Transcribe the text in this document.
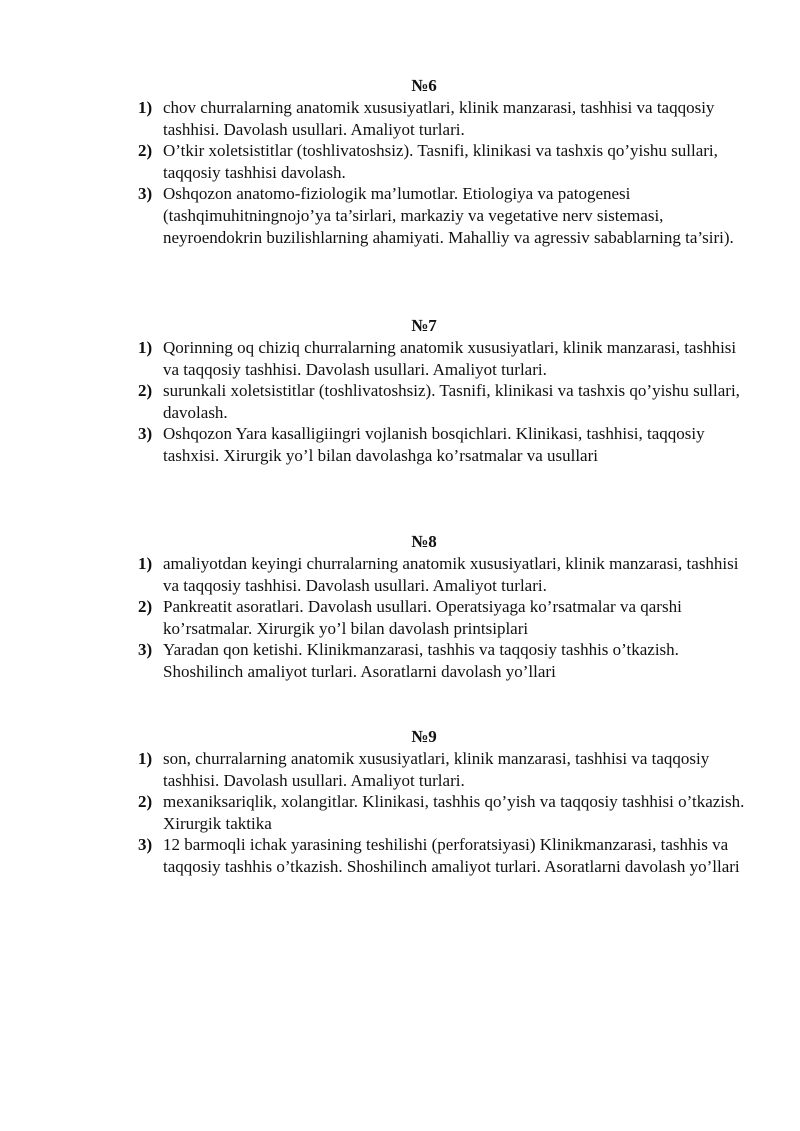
№6
1) chov churralarning anatomik xususiyatlari, klinik manzarasi, tashhisi va taqqosiy tashhisi. Davolash usullari. Amaliyot turlari.
2) O’tkir xoletsistitlar (toshlivatoshsiz). Tasnifi, klinikasi va tashxis qo’yishu sullari, taqqosiy tashhisi davolash.
3) Oshqozon anatomo-fiziologik ma’lumotlar. Etiologiya va patogenesi (tashqimuhitningnojo’ya ta’sirlari, markaziy va vegetative nerv sistemasi, neyroendokrin buzilishlarning ahamiyati. Mahalliy va agressiv sabablarning ta’siri).
№7
1) Qorinning oq chiziq churralarning anatomik xususiyatlari, klinik manzarasi, tashhisi va taqqosiy tashhisi. Davolash usullari. Amaliyot turlari.
2) surunkali xoletsistitlar (toshlivatoshsiz). Tasnifi, klinikasi va tashxis qo’yishu sullari, davolash.
3) Oshqozon Yara kasalligiingri vojlanish bosqichlari. Klinikasi, tashhisi, taqqosiy tashxisi. Xirurgik yo’l bilan davolashga ko’rsatmalar va usullari
№8
1) amaliyotdan keyingi churralarning anatomik xususiyatlari, klinik manzarasi, tashhisi va taqqosiy tashhisi. Davolash usullari. Amaliyot turlari.
2) Pankreatit asoratlari. Davolash usullari. Operatsiyaga ko’rsatmalar va qarshi ko’rsatmalar. Xirurgik yo’l bilan davolash printsiplari
3) Yaradan qon ketishi. Klinikmanzarasi, tashhis va taqqosiy tashhis o’tkazish. Shoshilinch amaliyot turlari. Asoratlarni davolash yo’llari
№9
1) son, churralarning anatomik xususiyatlari, klinik manzarasi, tashhisi va taqqosiy tashhisi. Davolash usullari. Amaliyot turlari.
2) mexaniksariqlik, xolangitlar. Klinikasi, tashhis qo’yish va taqqosiy tashhisi o’tkazish. Xirurgik taktika
3) 12 barmoqli ichak yarasining teshilishi (perforatsiyasi) Klinikmanzarasi, tashhis va taqqosiy tashhis o’tkazish. Shoshilinch amaliyot turlari. Asoratlarni davolash yo’llari
